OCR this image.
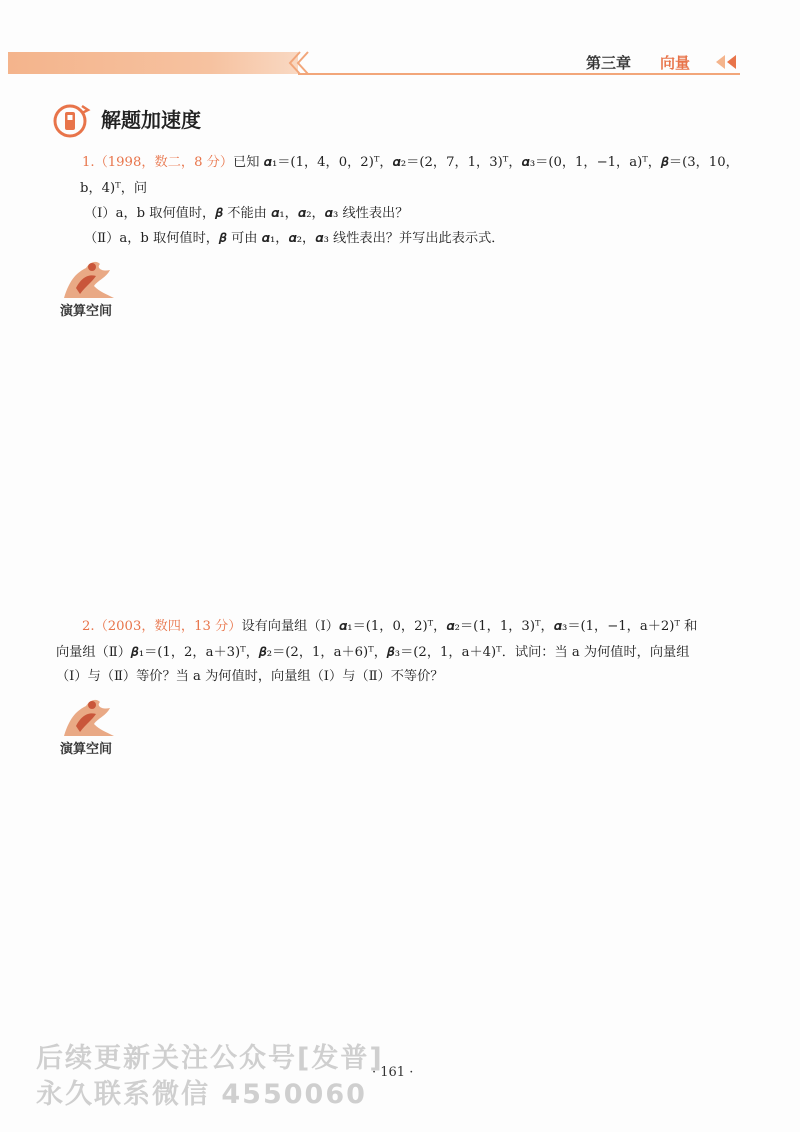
第三章 向量
解题加速度
1.（1998，数二，8 分）已知 𝜶₁＝(1，4，0，2)ᵀ，𝜶₂＝(2，7，1，3)ᵀ，𝜶₃＝(0，1，−1，a)ᵀ，𝜷＝(3，10，
b，4)ᵀ，问
（Ⅰ）a，b 取何值时，𝜷 不能由 𝜶₁，𝜶₂，𝜶₃ 线性表出？
（Ⅱ）a，b 取何值时，𝜷 可由 𝜶₁，𝜶₂，𝜶₃ 线性表出？并写出此表示式．
演算空间
2.（2003，数四，13 分）设有向量组（Ⅰ）𝜶₁＝(1，0，2)ᵀ，𝜶₂＝(1，1，3)ᵀ，𝜶₃＝(1，−1，a＋2)ᵀ 和
向量组（Ⅱ）𝜷₁＝(1，2，a＋3)ᵀ，𝜷₂＝(2，1，a＋6)ᵀ，𝜷₃＝(2，1，a＋4)ᵀ．试问：当 a 为何值时，向量组
（Ⅰ）与（Ⅱ）等价？当 a 为何值时，向量组（Ⅰ）与（Ⅱ）不等价？
演算空间
后续更新关注公众号[发普]
永久联系微信 4550060
· 161 ·
